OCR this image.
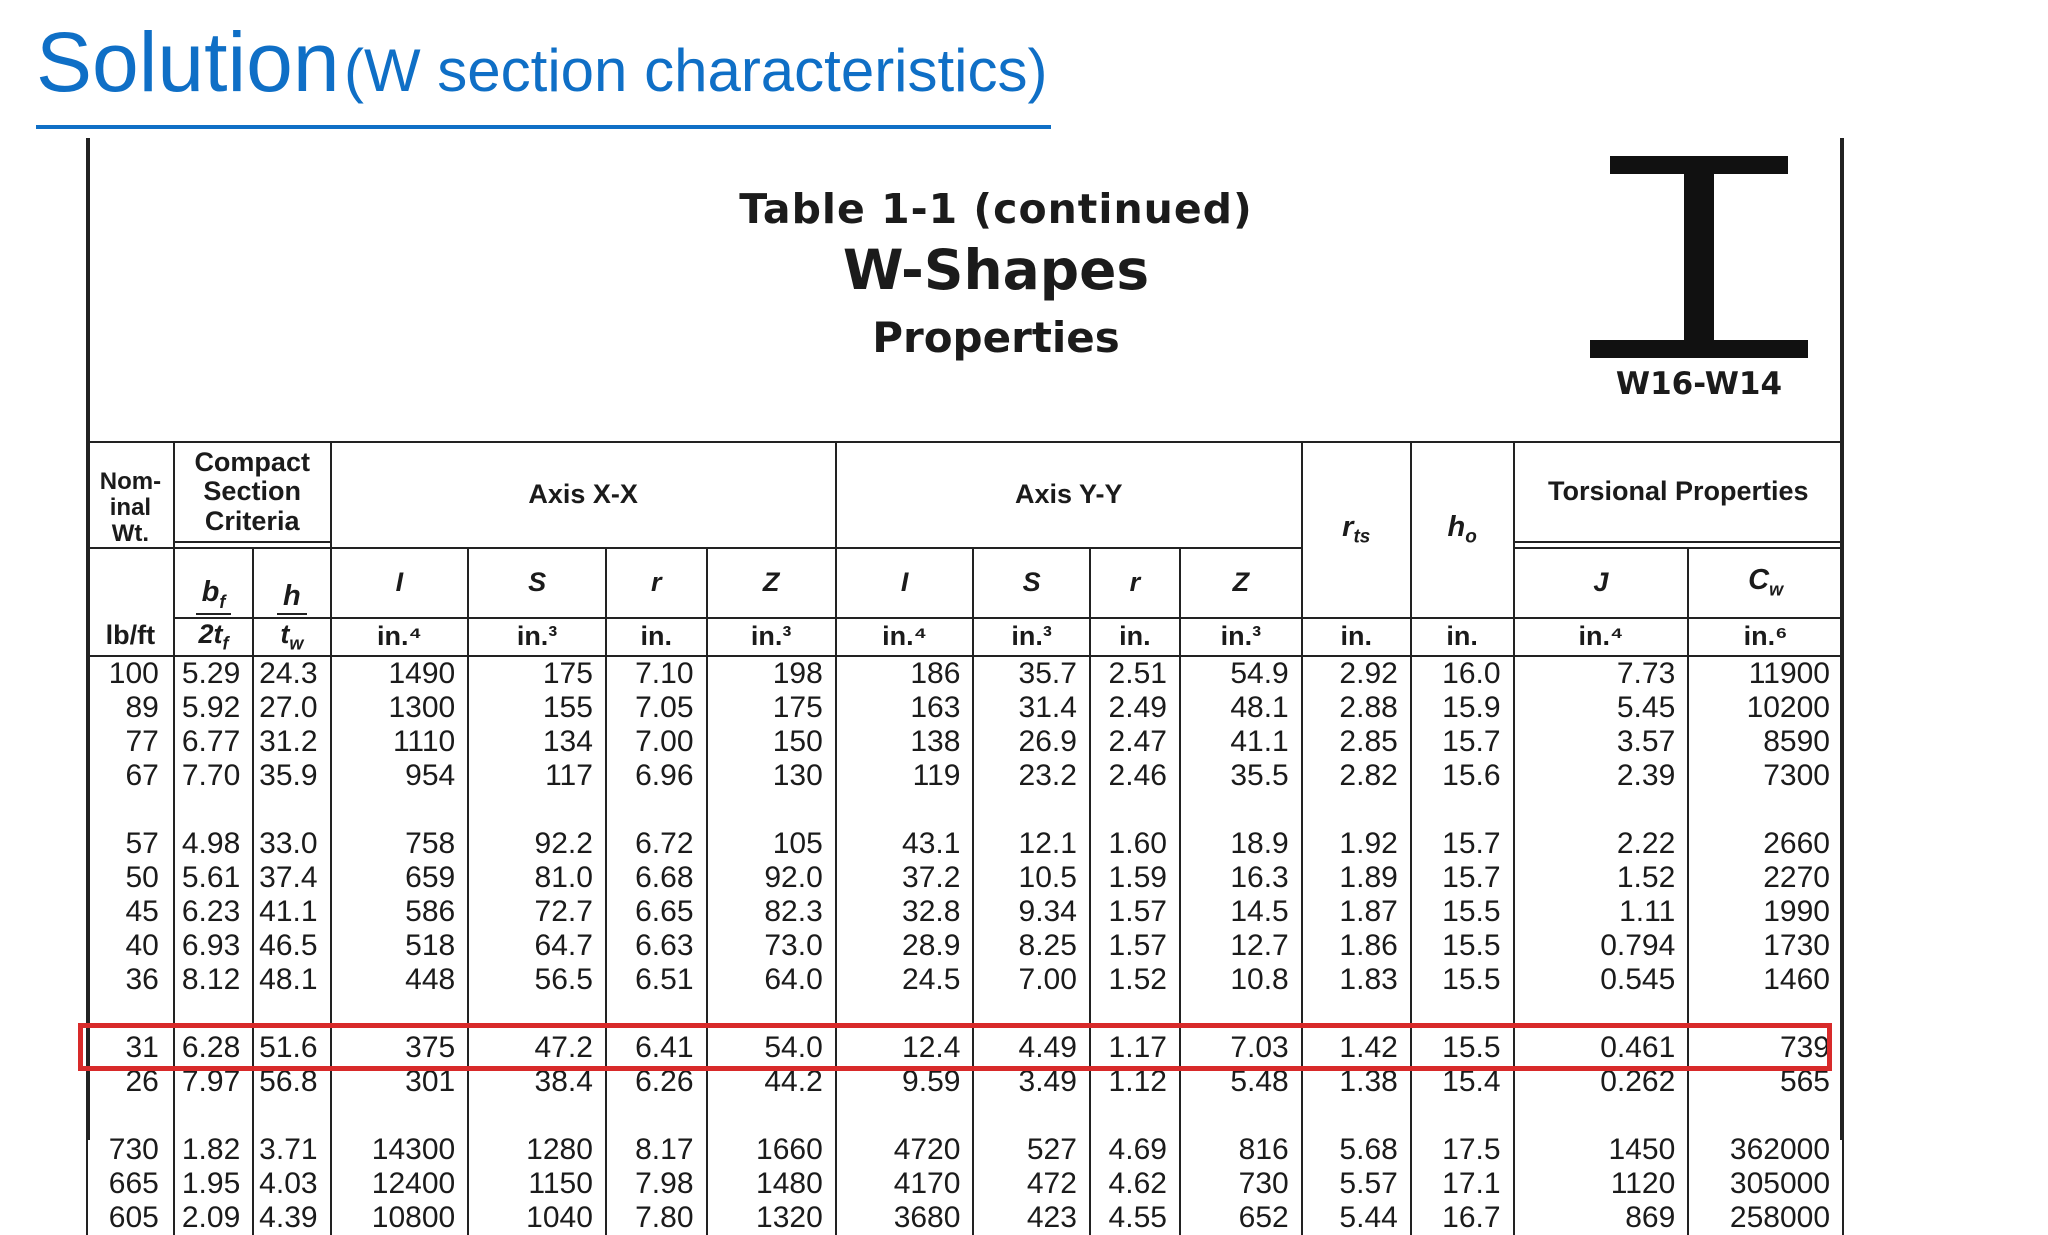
Solution (W section characteristics)
Table 1-1 (continued)
W-Shapes
Properties
W16-W14

Nom-
inal
Wt.	Compact Section Criteria		Axis X-X				Axis Y-Y				$r_{ts}$	$h_o$	Torsional Properties	

lb/ft	$b_f$	h	I	S	r	Z	I	S	r	Z			J	$C_w$
	$2t_f$	$t_w$	in.⁴	in.³	in.	in.³	in.⁴	in.³	in.	in.³	in.	in.	in.⁴	in.⁶
100	5.29	24.3	1490	175	7.10	198	186	35.7	2.51	54.9	2.92	16.0	7.73	11900
89	5.92	27.0	1300	155	7.05	175	163	31.4	2.49	48.1	2.88	15.9	5.45	10200
77	6.77	31.2	1110	134	7.00	150	138	26.9	2.47	41.1	2.85	15.7	3.57	8590
67	7.70	35.9	954	117	6.96	130	119	23.2	2.46	35.5	2.82	15.6	2.39	7300

57	4.98	33.0	758	92.2	6.72	105	43.1	12.1	1.60	18.9	1.92	15.7	2.22	2660
50	5.61	37.4	659	81.0	6.68	92.0	37.2	10.5	1.59	16.3	1.89	15.7	1.52	2270
45	6.23	41.1	586	72.7	6.65	82.3	32.8	9.34	1.57	14.5	1.87	15.5	1.11	1990
40	6.93	46.5	518	64.7	6.63	73.0	28.9	8.25	1.57	12.7	1.86	15.5	0.794	1730
36	8.12	48.1	448	56.5	6.51	64.0	24.5	7.00	1.52	10.8	1.83	15.5	0.545	1460

31	6.28	51.6	375	47.2	6.41	54.0	12.4	4.49	1.17	7.03	1.42	15.5	0.461	739
26	7.97	56.8	301	38.4	6.26	44.2	9.59	3.49	1.12	5.48	1.38	15.4	0.262	565

730	1.82	3.71	14300	1280	8.17	1660	4720	527	4.69	816	5.68	17.5	1450	362000
665	1.95	4.03	12400	1150	7.98	1480	4170	472	4.62	730	5.57	17.1	1120	305000
605	2.09	4.39	10800	1040	7.80	1320	3680	423	4.55	652	5.44	16.7	869	258000
